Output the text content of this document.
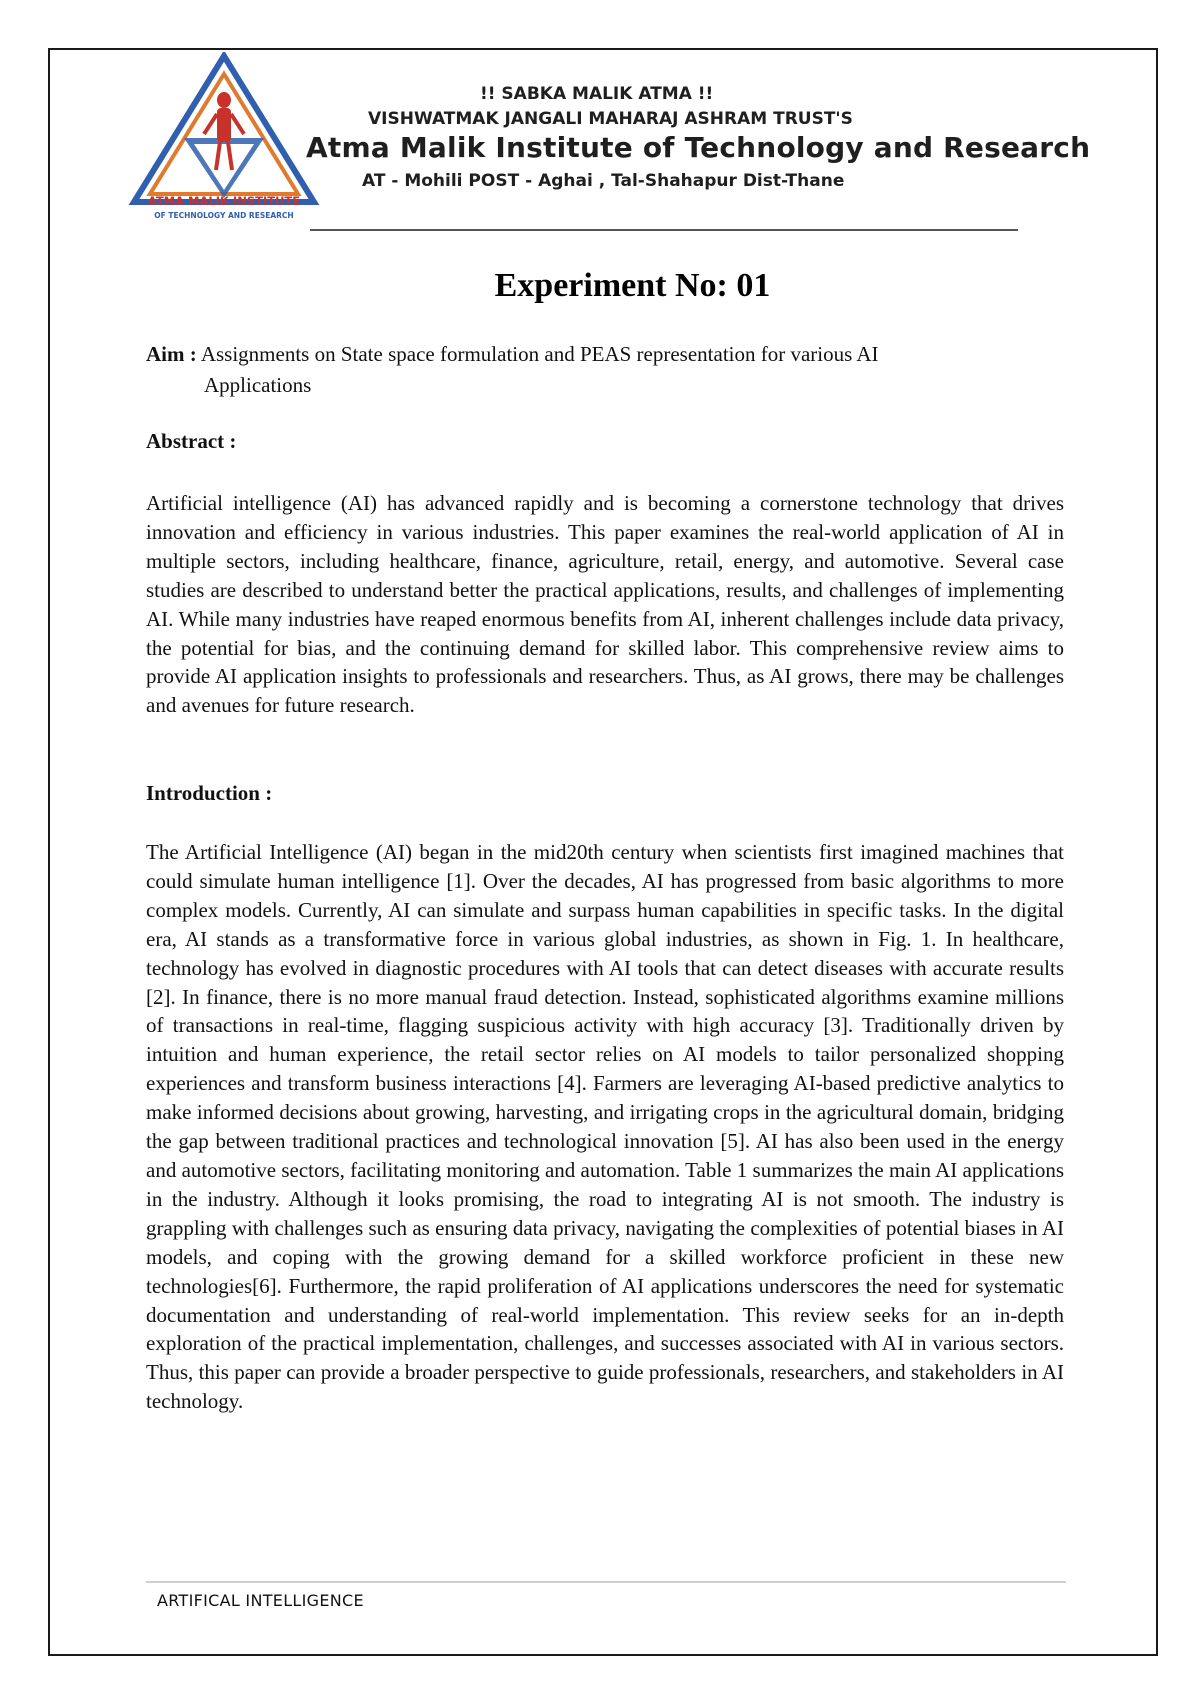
ATMA MALIK INSTITUTE
OF TECHNOLOGY AND RESEARCH
!! SABKA MALIK ATMA !!
VISHWATMAK JANGALI MAHARAJ ASHRAM TRUST'S
Atma Malik Institute of Technology and Research
AT - Mohili POST - Aghai , Tal-Shahapur Dist-Thane
Experiment No: 01
Aim : Assignments on State space formulation and PEAS representation for various AI
Applications
Abstract :
Artificial intelligence (AI) has advanced rapidly and is becoming a cornerstone technology that drives innovation and efficiency in various industries. This paper examines the real-world application of AI in multiple sectors, including healthcare, finance, agriculture, retail, energy, and automotive. Several case studies are described to understand better the practical applications, results, and challenges of implementing AI. While many industries have reaped enormous benefits from AI, inherent challenges include data privacy, the potential for bias, and the continuing demand for skilled labor. This comprehensive review aims to provide AI application insights to professionals and researchers. Thus, as AI grows, there may be challenges and avenues for future research.
Introduction :
The Artificial Intelligence (AI) began in the mid20th century when scientists first imagined machines that could simulate human intelligence [1]. Over the decades, AI has progressed from basic algorithms to more complex models. Currently, AI can simulate and surpass human capabilities in specific tasks. In the digital era, AI stands as a transformative force in various global industries, as shown in Fig. 1. In healthcare, technology has evolved in diagnostic procedures with AI tools that can detect diseases with accurate results [2]. In finance, there is no more manual fraud detection. Instead, sophisticated algorithms examine millions of transactions in real-time, flagging suspicious activity with high accuracy [3]. Traditionally driven by intuition and human experience, the retail sector relies on AI models to tailor personalized shopping experiences and transform business interactions [4]. Farmers are leveraging AI-based predictive analytics to make informed decisions about growing, harvesting, and irrigating crops in the agricultural domain, bridging the gap between traditional practices and technological innovation [5]. AI has also been used in the energy and automotive sectors, facilitating monitoring and automation. Table 1 summarizes the main AI applications in the industry. Although it looks promising, the road to integrating AI is not smooth. The industry is grappling with challenges such as ensuring data privacy, navigating the complexities of potential biases in AI models, and coping with the growing demand for a skilled workforce proficient in these new technologies[6]. Furthermore, the rapid proliferation of AI applications underscores the need for systematic documentation and understanding of real-world implementation. This review seeks for an in-depth exploration of the practical implementation, challenges, and successes associated with AI in various sectors. Thus, this paper can provide a broader perspective to guide professionals, researchers, and stakeholders in AI technology.
ARTIFICAL INTELLIGENCE
